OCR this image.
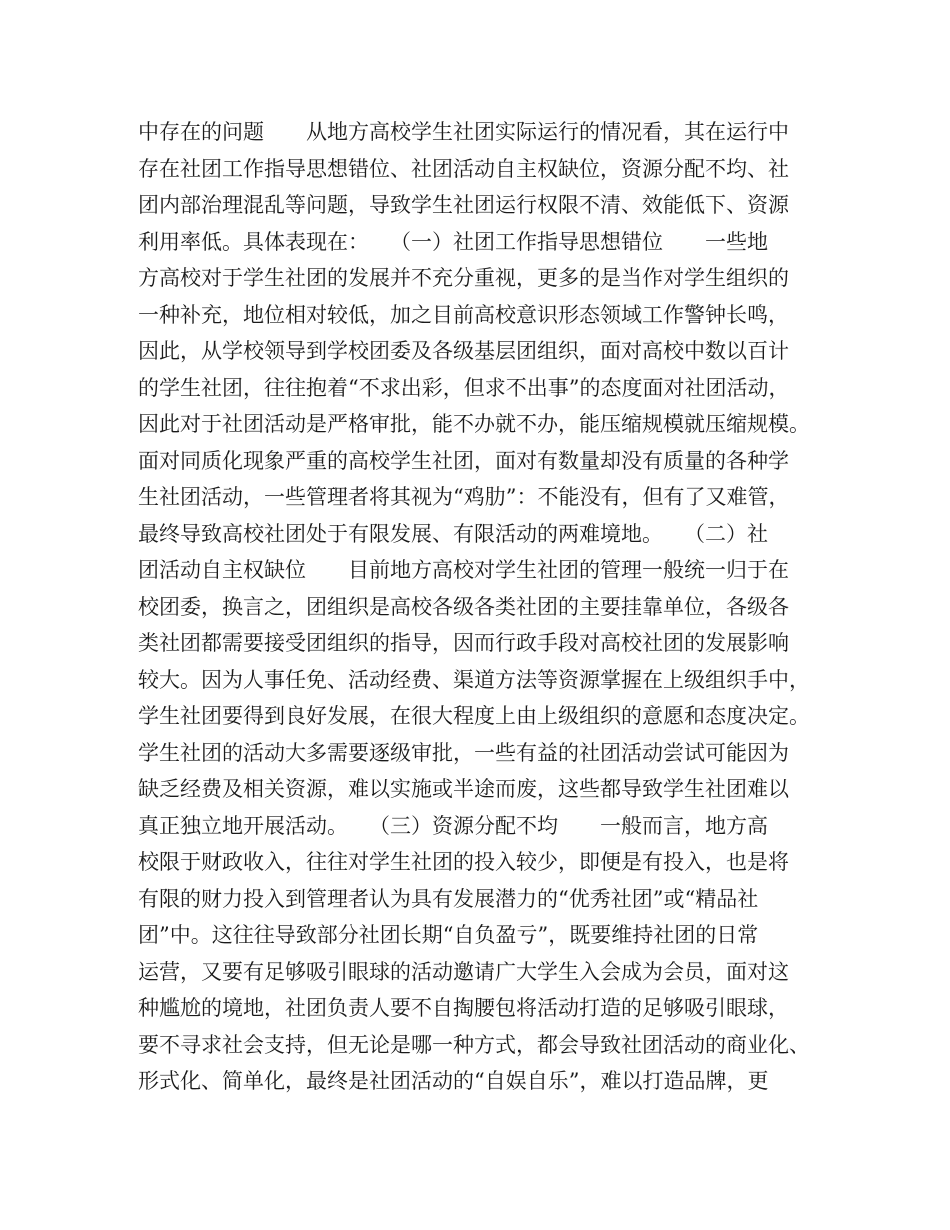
中存在的问题　　从地方高校学生社团实际运行的情况看，其在运行中
存在社团工作指导思想错位、社团活动自主权缺位，资源分配不均、社
团内部治理混乱等问题，导致学生社团运行权限不清、效能低下、资源
利用率低。具体表现在：　　（一）社团工作指导思想错位　　一些地
方高校对于学生社团的发展并不充分重视，更多的是当作对学生组织的
一种补充，地位相对较低，加之目前高校意识形态领域工作警钟长鸣，
因此，从学校领导到学校团委及各级基层团组织，面对高校中数以百计
的学生社团，往往抱着“不求出彩，但求不出事”的态度面对社团活动，
因此对于社团活动是严格审批，能不办就不办，能压缩规模就压缩规模。
面对同质化现象严重的高校学生社团，面对有数量却没有质量的各种学
生社团活动，一些管理者将其视为“鸡肋”：不能没有，但有了又难管，
最终导致高校社团处于有限发展、有限活动的两难境地。　　（二）社
团活动自主权缺位　　目前地方高校对学生社团的管理一般统一归于在
校团委，换言之，团组织是高校各级各类社团的主要挂靠单位，各级各
类社团都需要接受团组织的指导，因而行政手段对高校社团的发展影响
较大。因为人事任免、活动经费、渠道方法等资源掌握在上级组织手中，
学生社团要得到良好发展，在很大程度上由上级组织的意愿和态度决定。
学生社团的活动大多需要逐级审批，一些有益的社团活动尝试可能因为
缺乏经费及相关资源，难以实施或半途而废，这些都导致学生社团难以
真正独立地开展活动。　　（三）资源分配不均　　一般而言，地方高
校限于财政收入，往往对学生社团的投入较少，即便是有投入，也是将
有限的财力投入到管理者认为具有发展潜力的“优秀社团”或“精品社
团”中。这往往导致部分社团长期“自负盈亏”，既要维持社团的日常
运营，又要有足够吸引眼球的活动邀请广大学生入会成为会员，面对这
种尴尬的境地，社团负责人要不自掏腰包将活动打造的足够吸引眼球，
要不寻求社会支持，但无论是哪一种方式，都会导致社团活动的商业化、
形式化、简单化，最终是社团活动的“自娱自乐”，难以打造品牌，更
